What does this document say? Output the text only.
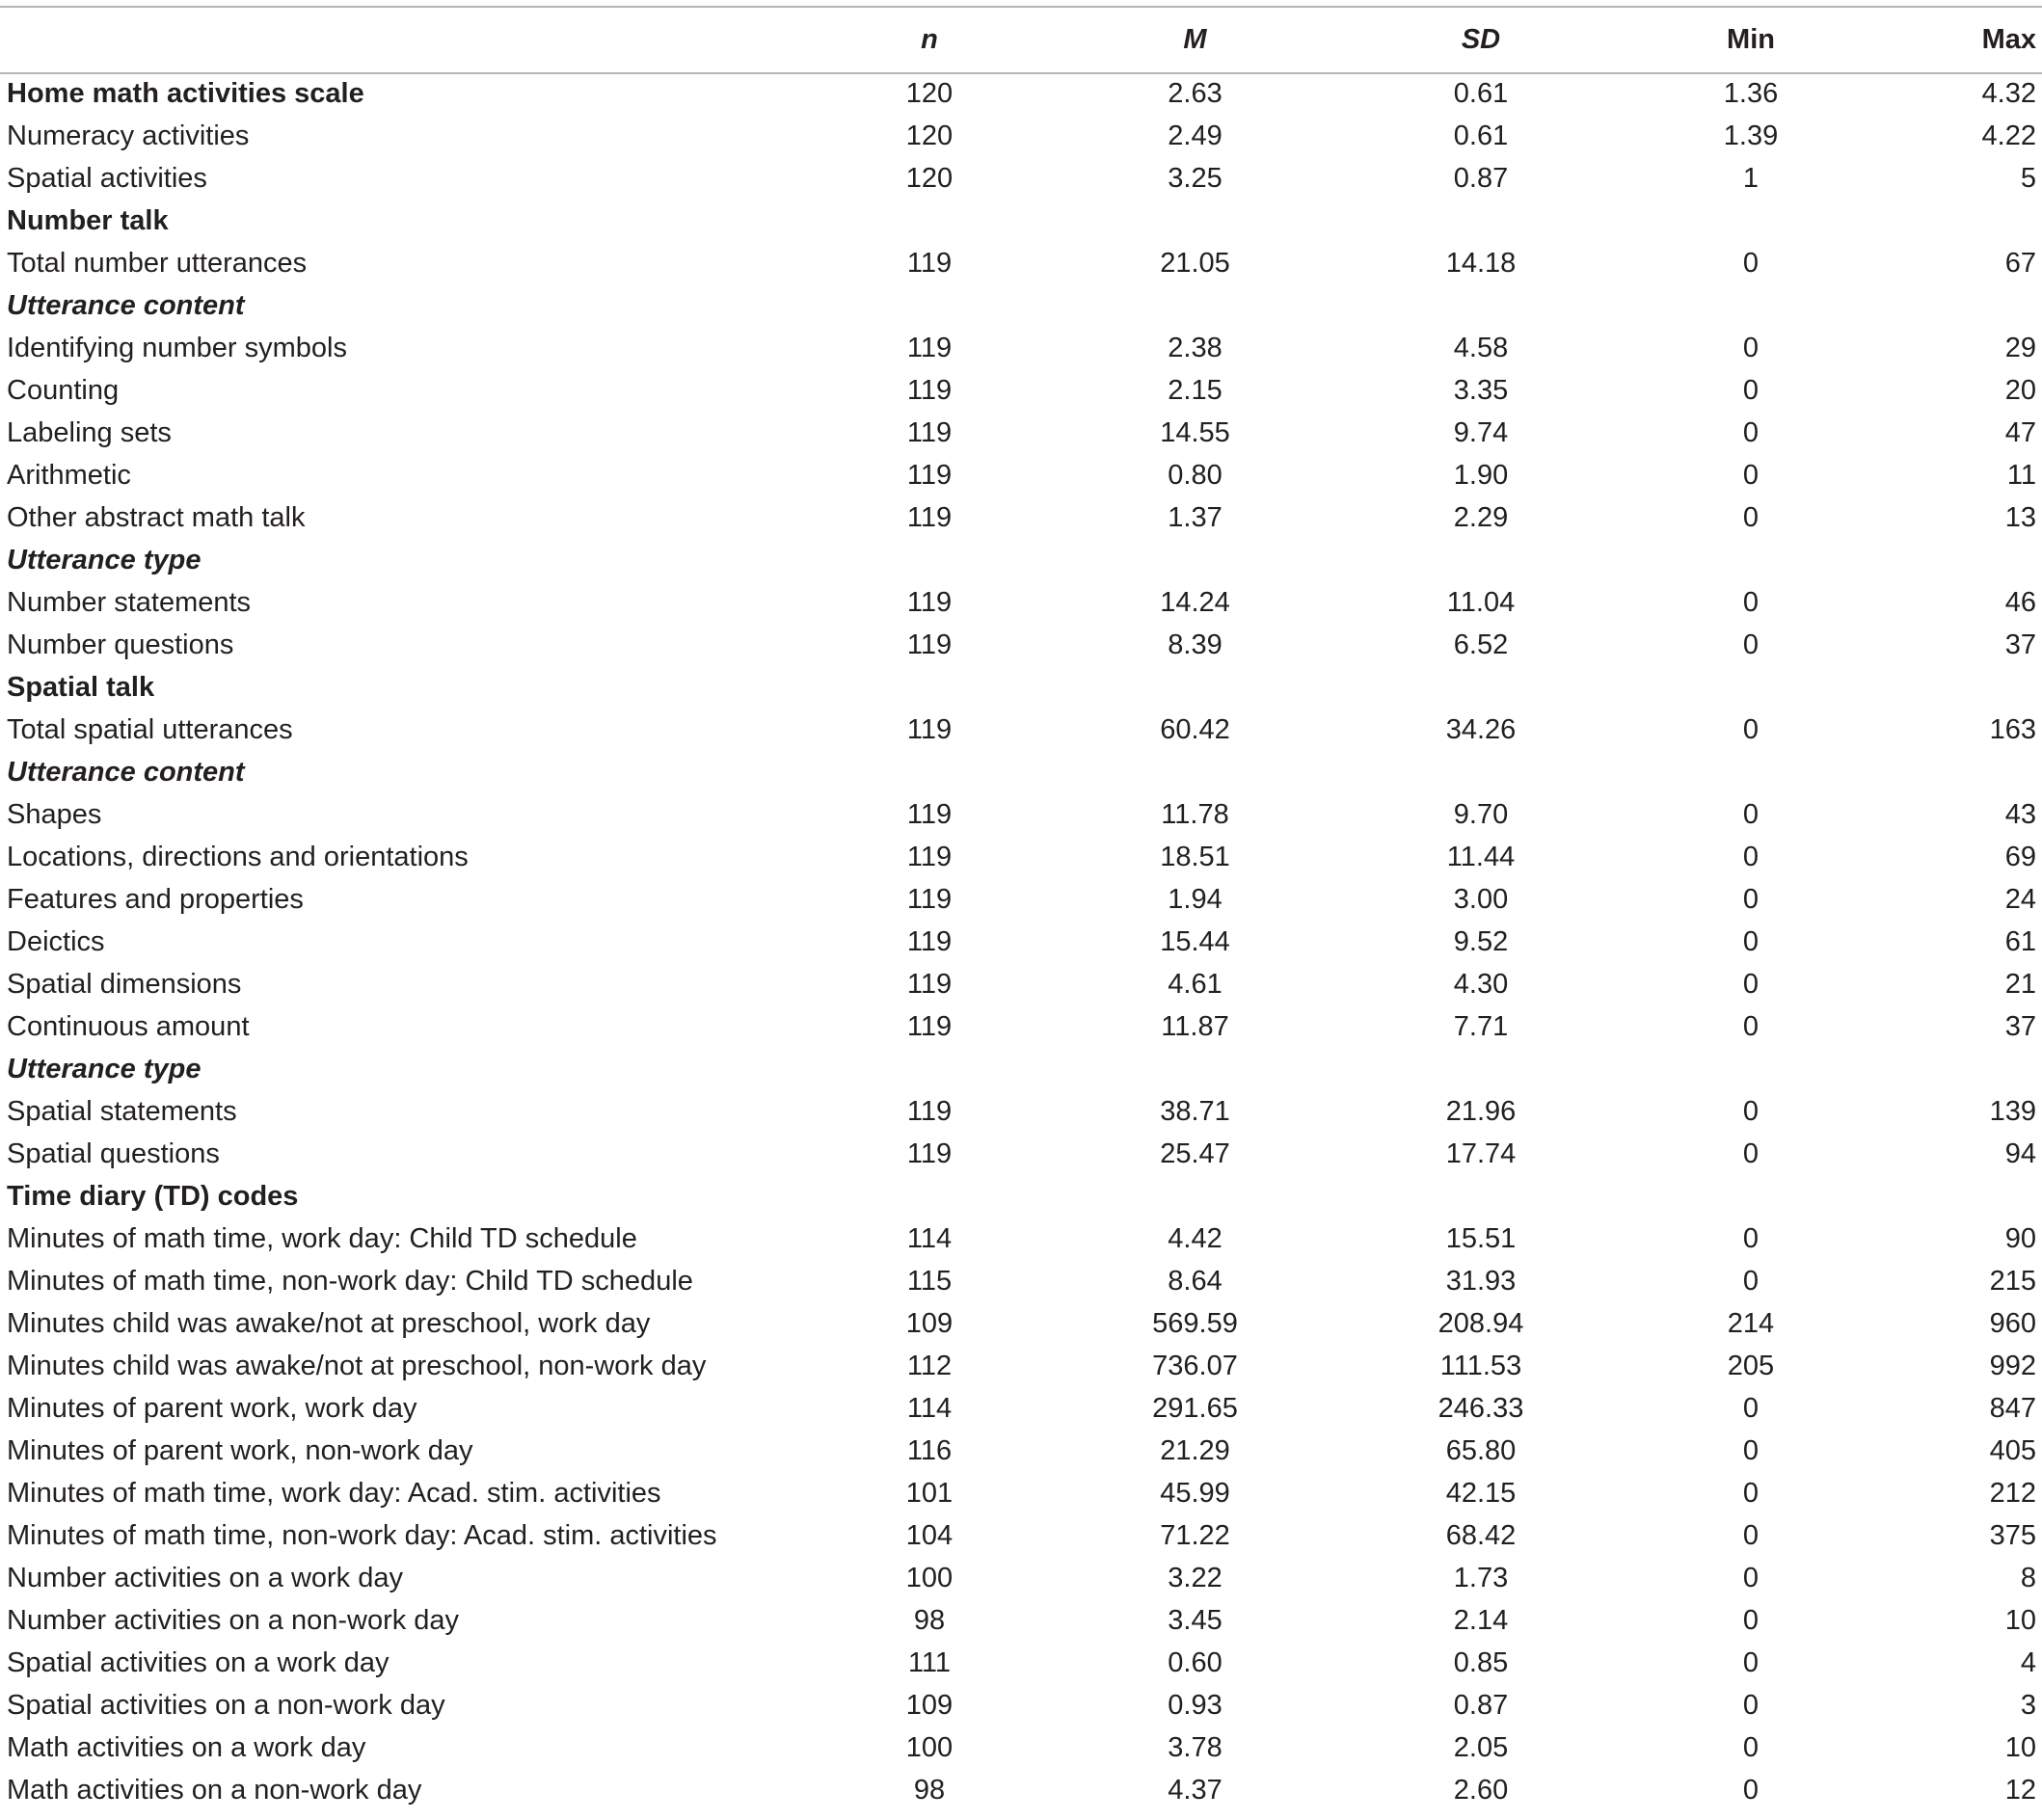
	n	M	SD	Min	Max
Home math activities scale	120	2.63	0.61	1.36	4.32
Numeracy activities	120	2.49	0.61	1.39	4.22
Spatial activities	120	3.25	0.87	1	5
Number talk					
Total number utterances	119	21.05	14.18	0	67
Utterance content					
Identifying number symbols	119	2.38	4.58	0	29
Counting	119	2.15	3.35	0	20
Labeling sets	119	14.55	9.74	0	47
Arithmetic	119	0.80	1.90	0	11
Other abstract math talk	119	1.37	2.29	0	13
Utterance type					
Number statements	119	14.24	11.04	0	46
Number questions	119	8.39	6.52	0	37
Spatial talk					
Total spatial utterances	119	60.42	34.26	0	163
Utterance content					
Shapes	119	11.78	9.70	0	43
Locations, directions and orientations	119	18.51	11.44	0	69
Features and properties	119	1.94	3.00	0	24
Deictics	119	15.44	9.52	0	61
Spatial dimensions	119	4.61	4.30	0	21
Continuous amount	119	11.87	7.71	0	37
Utterance type					
Spatial statements	119	38.71	21.96	0	139
Spatial questions	119	25.47	17.74	0	94
Time diary (TD) codes					
Minutes of math time, work day: Child TD schedule	114	4.42	15.51	0	90
Minutes of math time, non-work day: Child TD schedule	115	8.64	31.93	0	215
Minutes child was awake/not at preschool, work day	109	569.59	208.94	214	960
Minutes child was awake/not at preschool, non-work day	112	736.07	111.53	205	992
Minutes of parent work, work day	114	291.65	246.33	0	847
Minutes of parent work, non-work day	116	21.29	65.80	0	405
Minutes of math time, work day: Acad. stim. activities	101	45.99	42.15	0	212
Minutes of math time, non-work day: Acad. stim. activities	104	71.22	68.42	0	375
Number activities on a work day	100	3.22	1.73	0	8
Number activities on a non-work day	98	3.45	2.14	0	10
Spatial activities on a work day	111	0.60	0.85	0	4
Spatial activities on a non-work day	109	0.93	0.87	0	3
Math activities on a work day	100	3.78	2.05	0	10
Math activities on a non-work day	98	4.37	2.60	0	12
